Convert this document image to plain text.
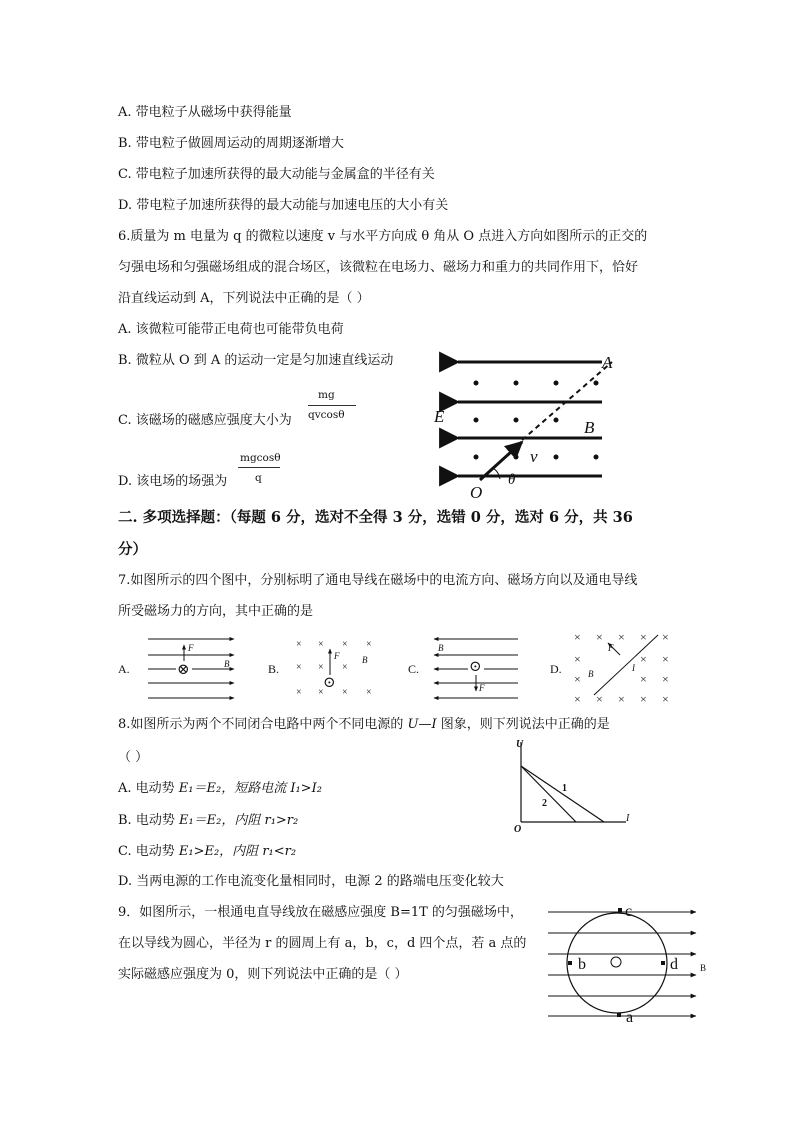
A. 带电粒子从磁场中获得能量
B. 带电粒子做圆周运动的周期逐渐增大
C. 带电粒子加速所获得的最大动能与金属盒的半径有关
D. 带电粒子加速所获得的最大动能与加速电压的大小有关
6.质量为 m 电量为 q 的微粒以速度 v 与水平方向成 θ 角从 O 点进入方向如图所示的正交的
匀强电场和匀强磁场组成的混合场区，该微粒在电场力、磁场力和重力的共同作用下，恰好
沿直线运动到 A，下列说法中正确的是（ ）
A. 该微粒可能带正电荷也可能带负电荷
B. 微粒从 O 到 A 的运动一定是匀加速直线运动
C. 该磁场的磁感应强度大小为
mg
qvcosθ
D. 该电场的场强为
mgcosθ
q
A
B
E
v
O
θ
二. 多项选择题：（每题 6 分，选对不全得 3 分，选错 0 分，选对 6 分，共 36
分）
7.如图所示的四个图中，分别标明了通电导线在磁场中的电流方向、磁场方向以及通电导线
所受磁场力的方向，其中正确的是
A.	⊗
F
B	B.
× × × ×
× × ×
× × × ×
F	B
⊙
C.	⊙
B
F
D.
× × × × ×
×	× ×
×	× ×
× × × × ×
F
B
I
8.如图所示为两个不同闭合电路中两个不同电源的 U—I 图象，则下列说法中正确的是
（ ）
A. 电动势 E₁＝E₂，短路电流 I₁>I₂
B. 电动势 E₁＝E₂，内阻 r₁>r₂
C. 电动势 E₁>E₂，内阻 r₁<r₂
D. 当两电源的工作电流变化量相同时，电源 2 的路端电压变化较大
U
I
O
1
2
9．如图所示，一根通电直导线放在磁感应强度 B=1T 的匀强磁场中，
在以导线为圆心，半径为 r 的圆周上有 a，b，c，d 四个点，若 a 点的
实际磁感应强度为 0，则下列说法中正确的是（ ）
c
b	d
a
B
